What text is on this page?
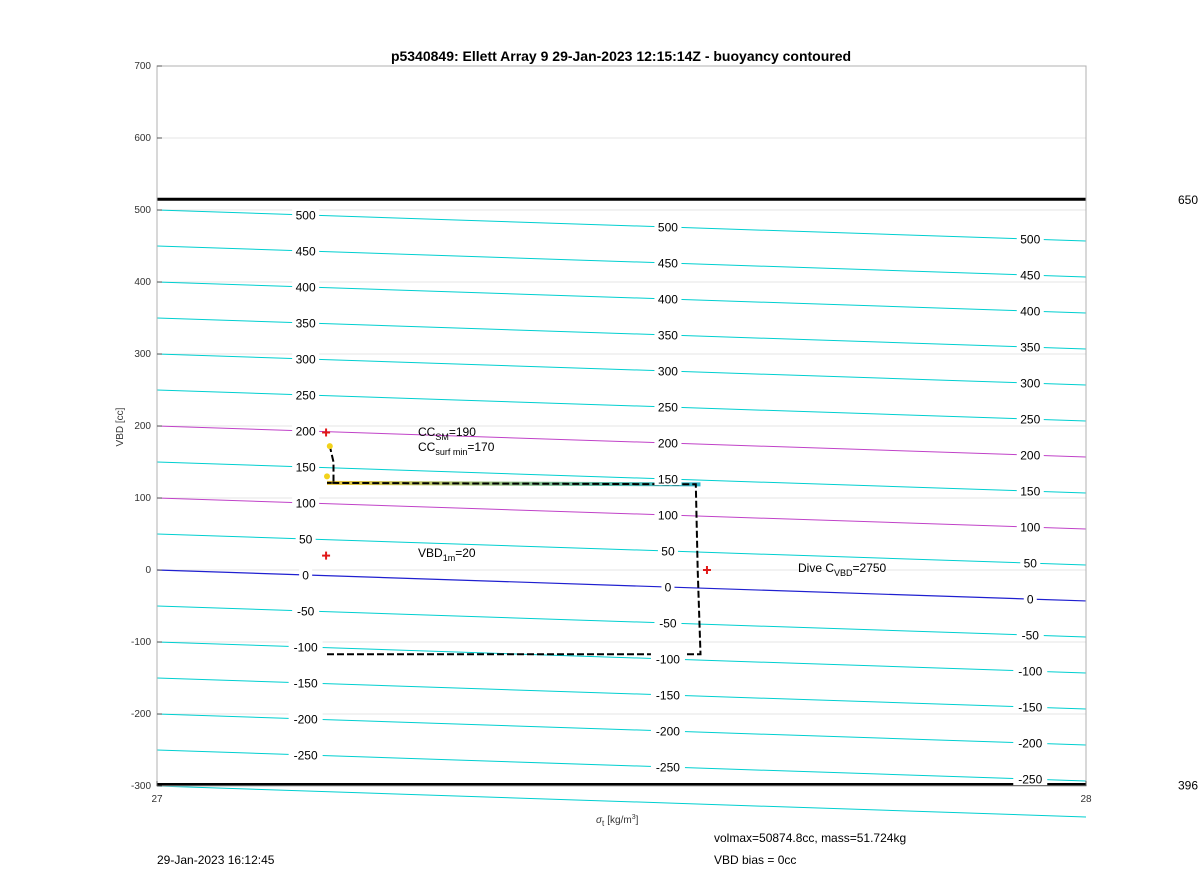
650
396
-250
-200
-150
-100
-50
0
50
100
150
200
250
300
350
400
450
500
-250
-200
-150
-100
-50
0
50
100
150
200
250
300
350
400
450
500
-250
-200
-150
-100
-50
0
50
100
150
200
250
300
350
400
450
500
-300
-200
-100
0
100
200
300
400
500
600
700
27	28
p5340849: Ellett Array 9 29-Jan-2023 12:15:14Z - buoyancy contoured
VBD [cc]
$\sigma_t$ $[kg/m^3]$
$CC_{SM}=190$
$CC_{surf min}=170$
$VBD_{1m}=20$
Dive $C_{VBD}=2750$
29-Jan-2023 16:12:45
volmax=50874.8cc, mass=51.724kg
VBD bias = 0cc
